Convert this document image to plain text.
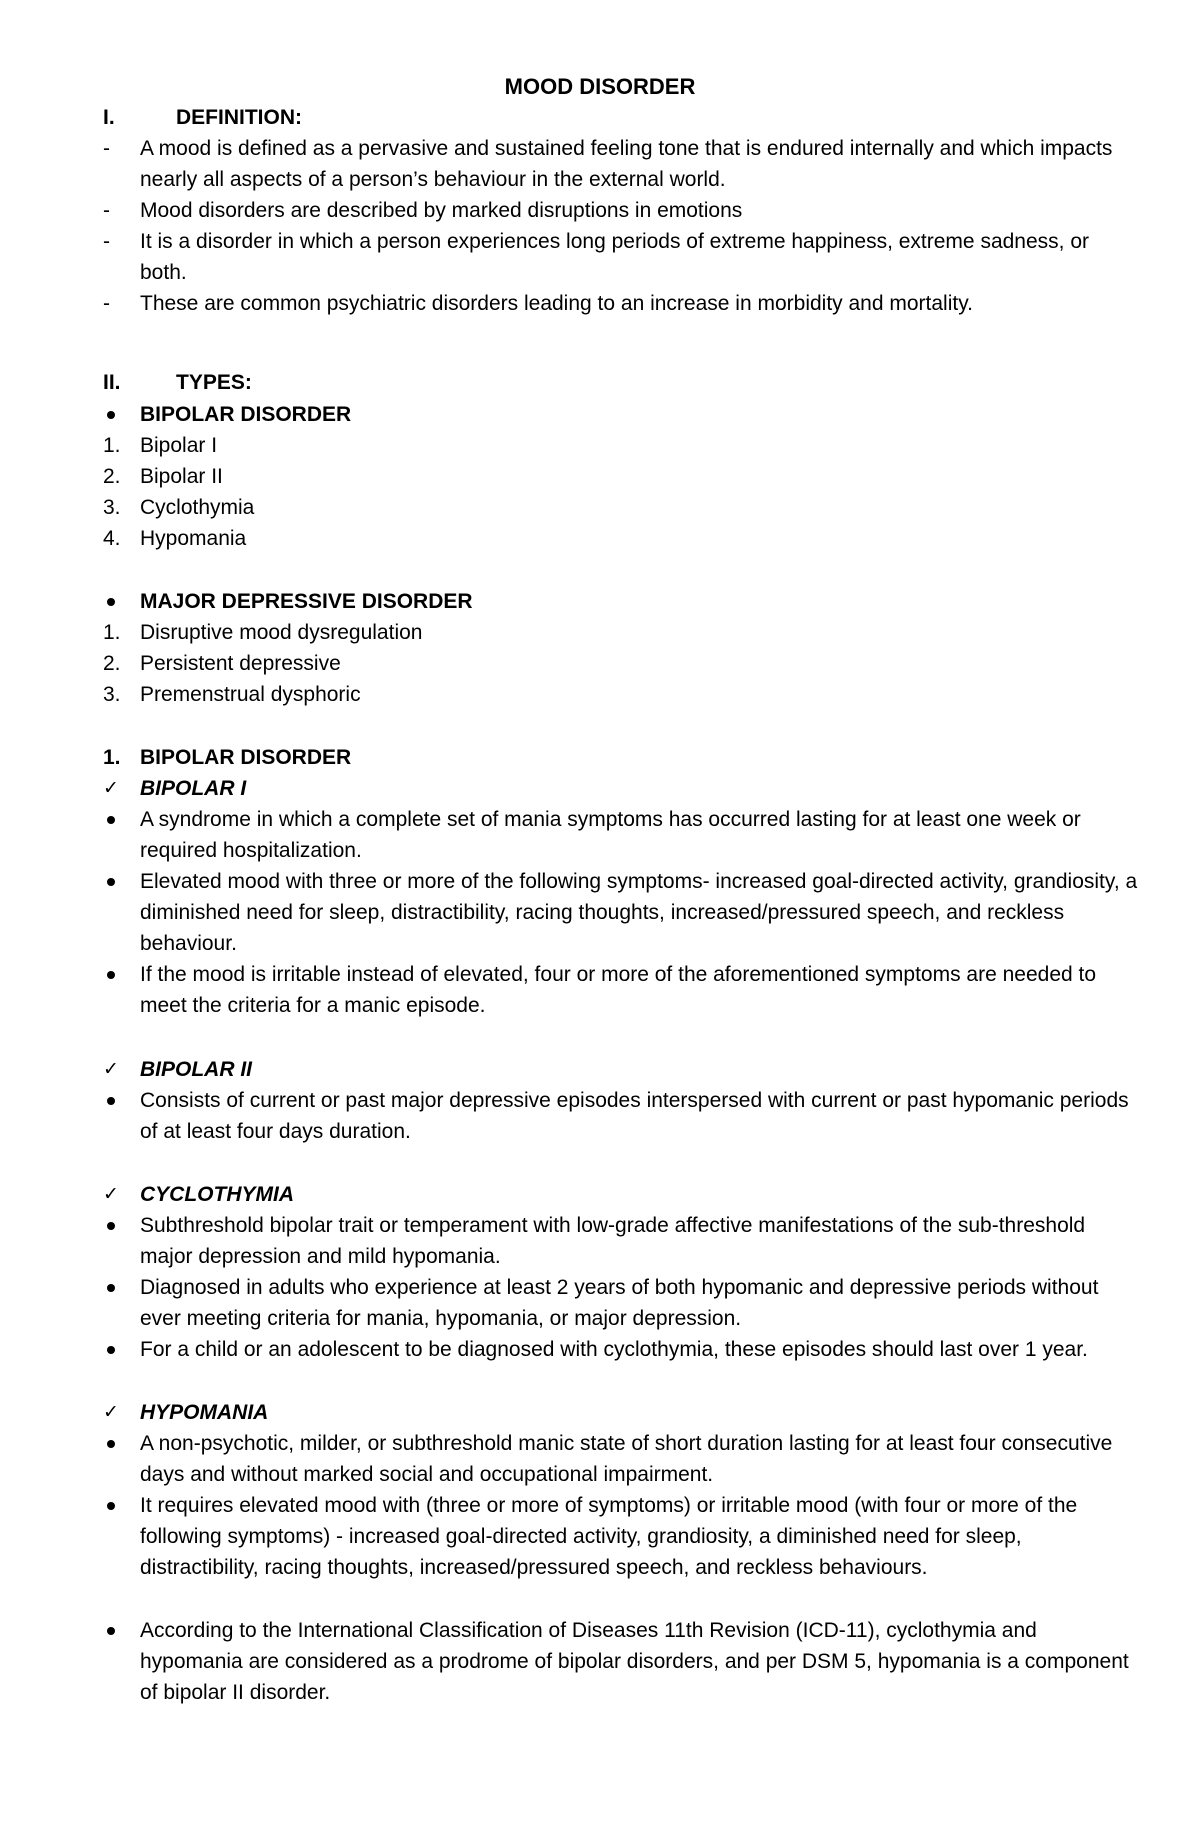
MOOD DISORDER
I.	DEFINITION:
-	A mood is defined as a pervasive and sustained feeling tone that is endured internally and which impacts nearly all aspects of a person’s behaviour in the external world.
-	Mood disorders are described by marked disruptions in emotions
-	It is a disorder in which a person experiences long periods of extreme happiness, extreme sadness, or both.
-	These are common psychiatric disorders leading to an increase in morbidity and mortality.
II.	TYPES:
BIPOLAR DISORDER
1. Bipolar I
2. Bipolar II
3. Cyclothymia
4. Hypomania
MAJOR DEPRESSIVE DISORDER
1. Disruptive mood dysregulation
2. Persistent depressive
3. Premenstrual dysphoric
1. BIPOLAR DISORDER
✓ BIPOLAR I
A syndrome in which a complete set of mania symptoms has occurred lasting for at least one week or required hospitalization.
Elevated mood with three or more of the following symptoms- increased goal-directed activity, grandiosity, a diminished need for sleep, distractibility, racing thoughts, increased/pressured speech, and reckless behaviour.
If the mood is irritable instead of elevated, four or more of the aforementioned symptoms are needed to meet the criteria for a manic episode.
✓ BIPOLAR II
Consists of current or past major depressive episodes interspersed with current or past hypomanic periods of at least four days duration.
✓ CYCLOTHYMIA
Subthreshold bipolar trait or temperament with low-grade affective manifestations of the sub-threshold major depression and mild hypomania.
Diagnosed in adults who experience at least 2 years of both hypomanic and depressive periods without ever meeting criteria for mania, hypomania, or major depression.
For a child or an adolescent to be diagnosed with cyclothymia, these episodes should last over 1 year.
✓ HYPOMANIA
A non-psychotic, milder, or subthreshold manic state of short duration lasting for at least four consecutive days and without marked social and occupational impairment.
It requires elevated mood with (three or more of symptoms) or irritable mood (with four or more of the following symptoms) - increased goal-directed activity, grandiosity, a diminished need for sleep, distractibility, racing thoughts, increased/pressured speech, and reckless behaviours.
According to the International Classification of Diseases 11th Revision (ICD-11), cyclothymia and hypomania are considered as a prodrome of bipolar disorders, and per DSM 5, hypomania is a component of bipolar II disorder.
